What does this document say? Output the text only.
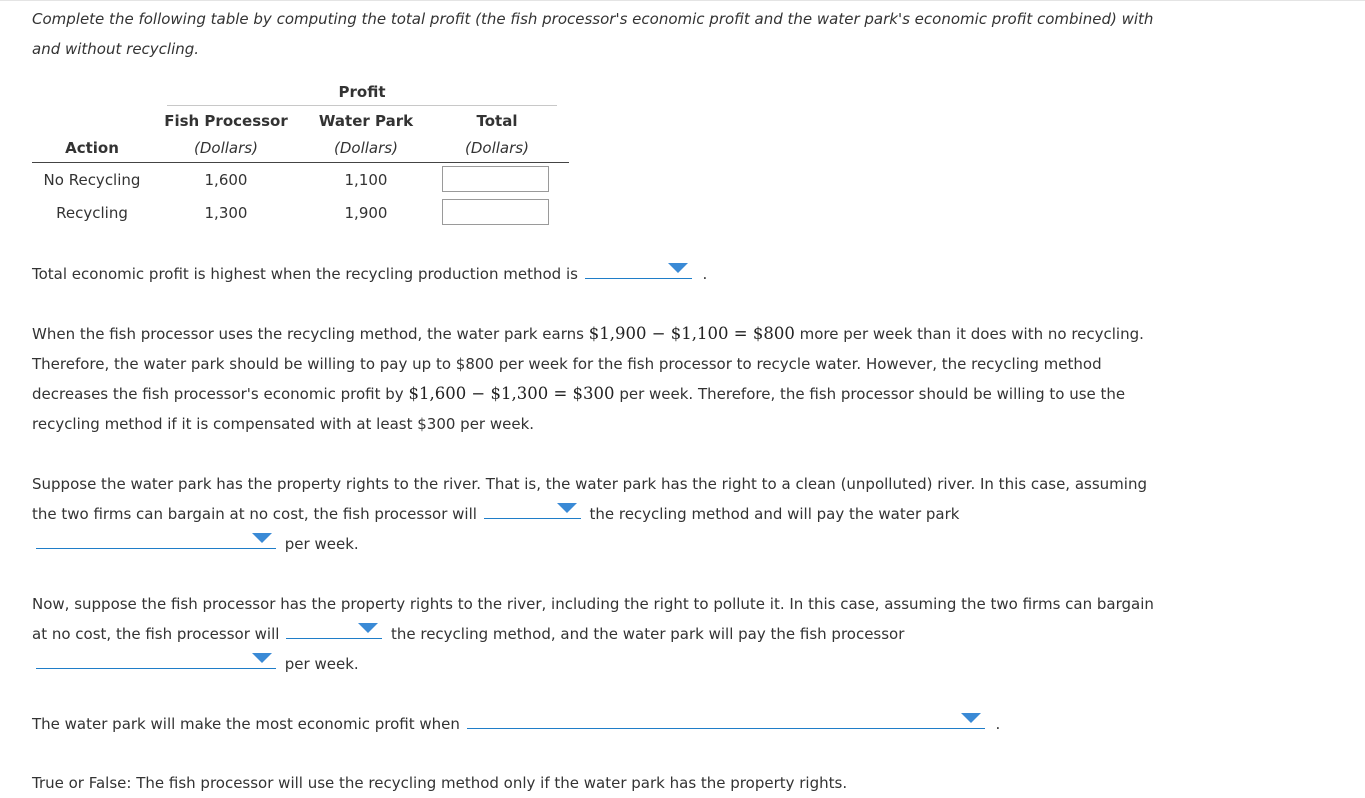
Complete the following table by computing the total profit (the fish processor's economic profit and the water park's economic profit combined) with
and without recycling.

Profit
Fish Processor	Water Park	Total
Action	(Dollars)	(Dollars)	(Dollars)
No Recycling	1,600	1,100
Recycling	1,300	1,900
Total economic profit is highest when the recycling production method is	.
When the fish processor uses the recycling method, the water park earns $1,900 − $1,100 = $800 more per week than it does with no recycling.
Therefore, the water park should be willing to pay up to $800 per week for the fish processor to recycle water. However, the recycling method
decreases the fish processor's economic profit by $1,600 − $1,300 = $300 per week. Therefore, the fish processor should be willing to use the
recycling method if it is compensated with at least $300 per week.
Suppose the water park has the property rights to the river. That is, the water park has the right to a clean (unpolluted) river. In this case, assuming
the two firms can bargain at no cost, the fish processor will	the recycling method and will pay the water park

per week.
Now, suppose the fish processor has the property rights to the river, including the right to pollute it. In this case, assuming the two firms can bargain
at no cost, the fish processor will	the recycling method, and the water park will pay the fish processor

per week.
The water park will make the most economic profit when	.
True or False: The fish processor will use the recycling method only if the water park has the property rights.
